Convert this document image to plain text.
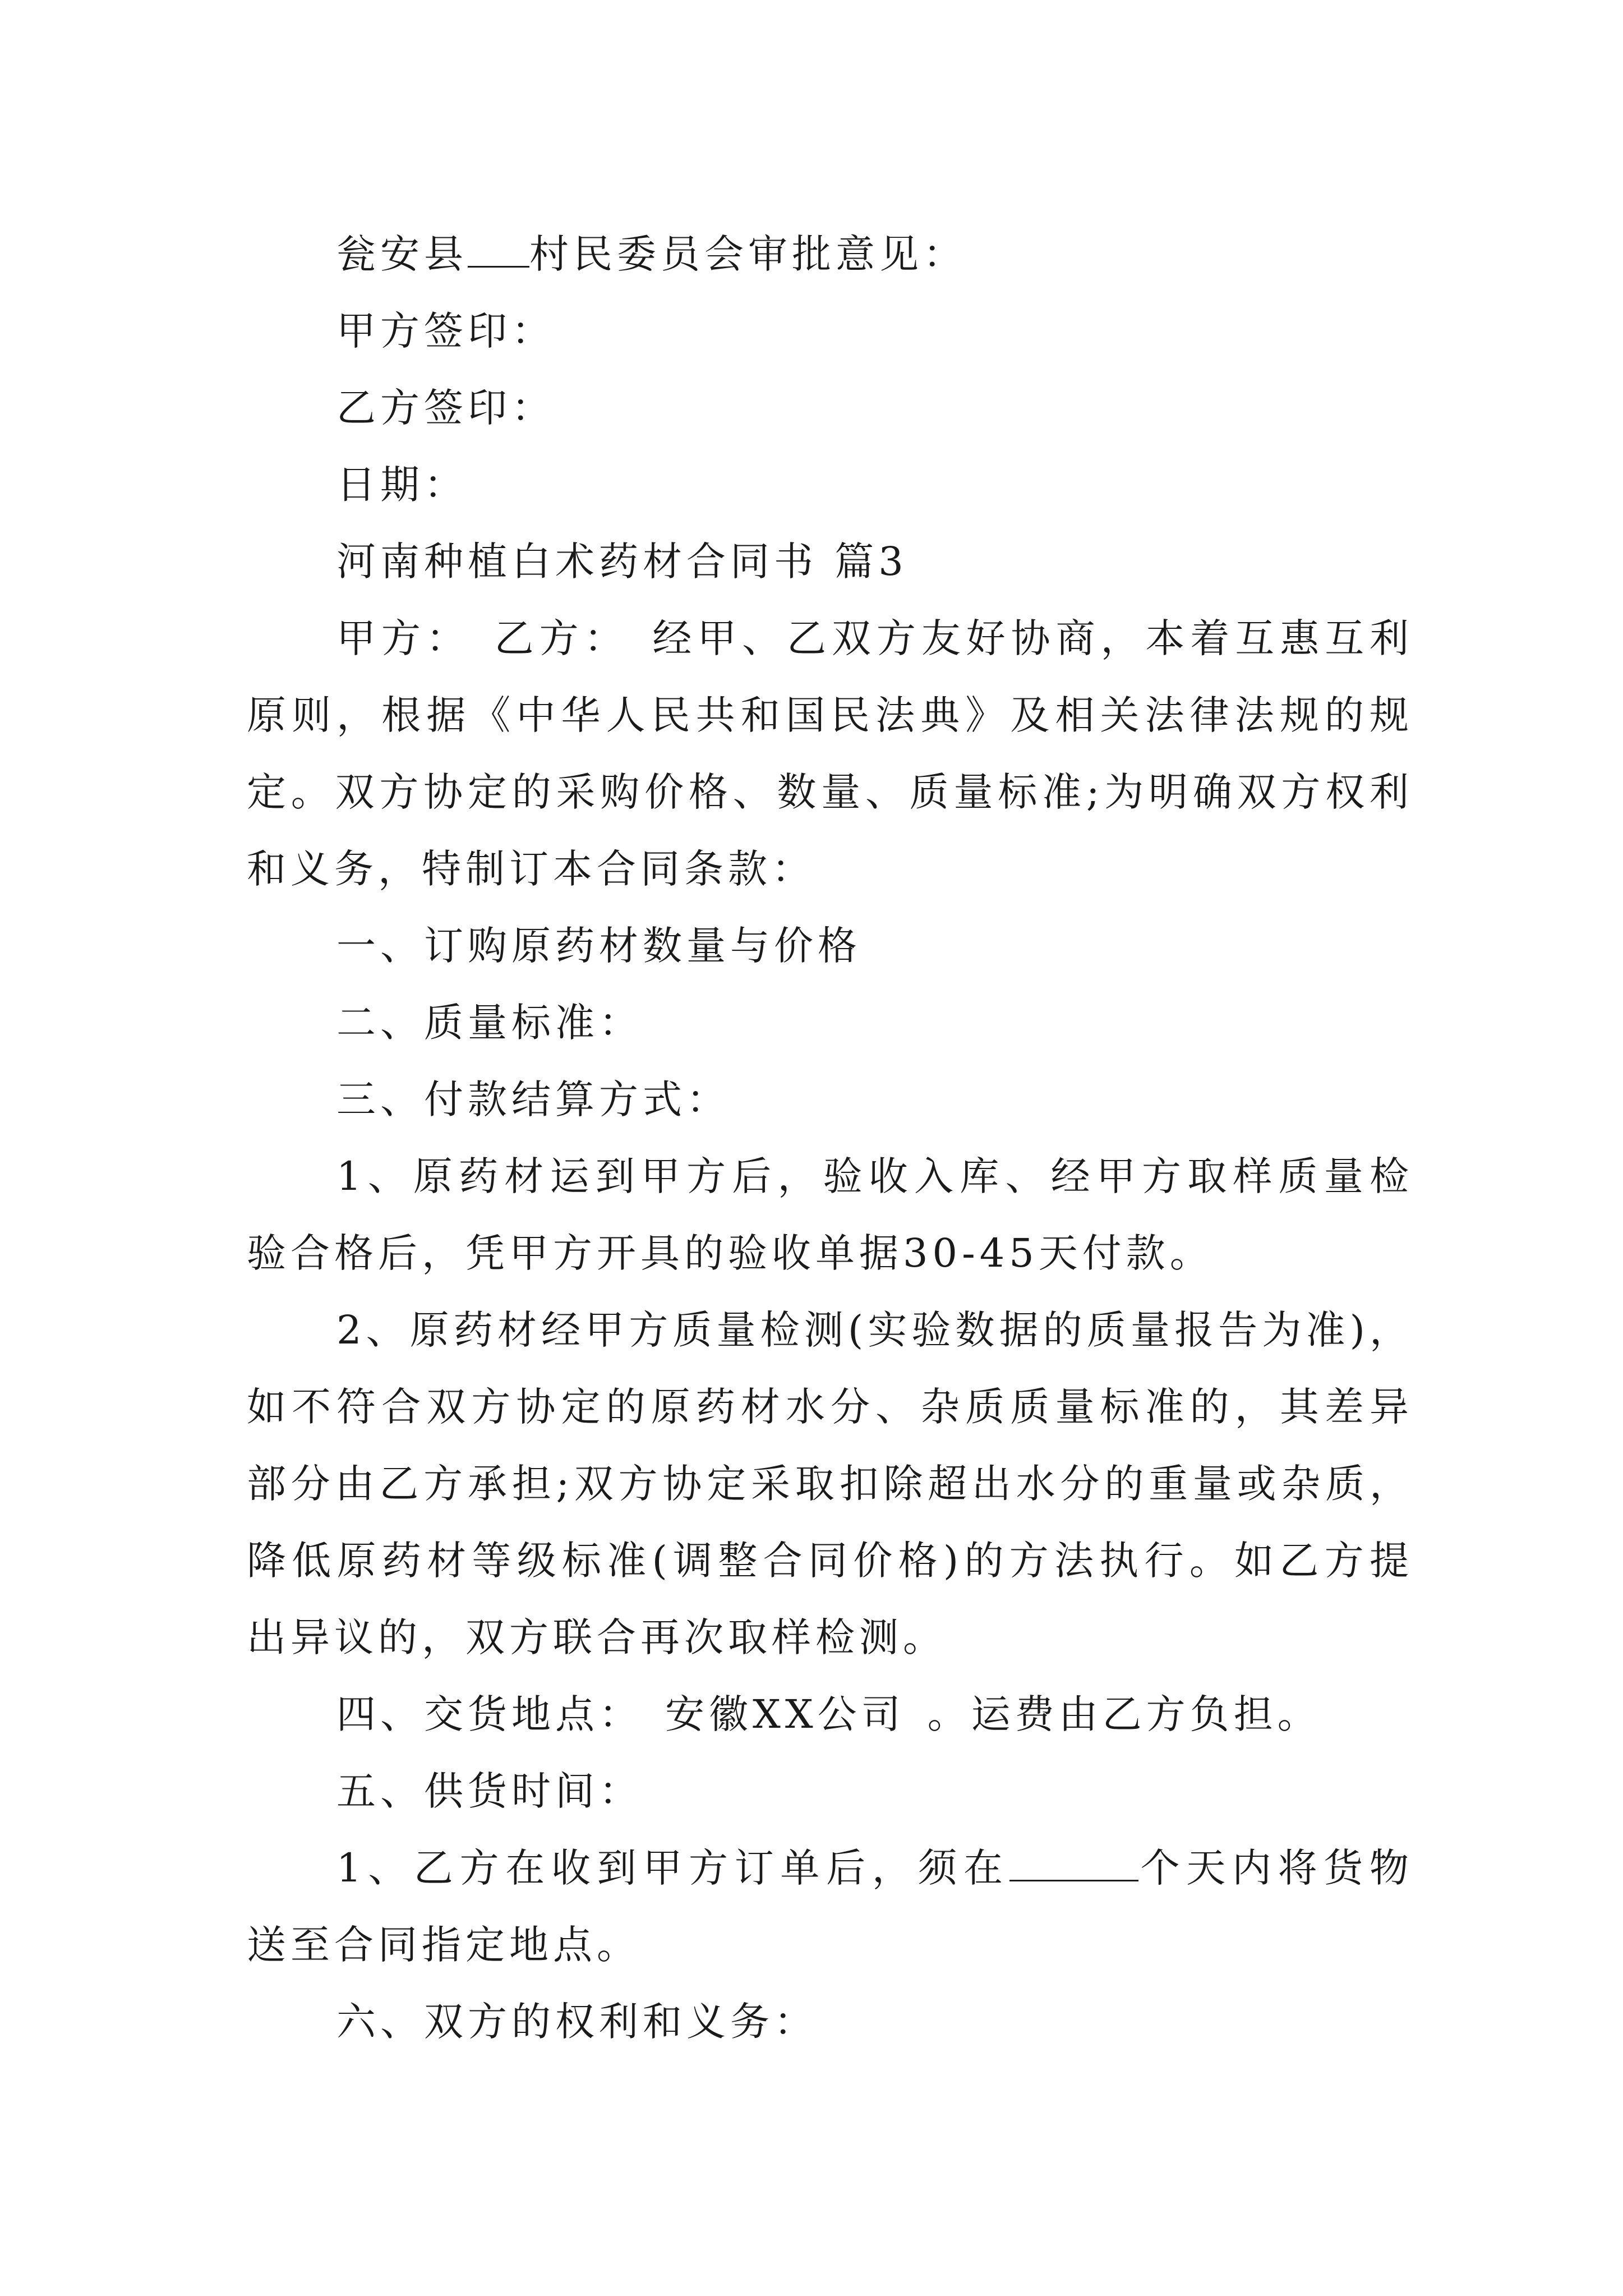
瓮安县 村民委员会审批意见：

甲方签印：

乙方签印：

日期：

河南种植白术药材合同书 篇3

甲方： 乙方： 经甲、乙双方友好协商，本着互惠互利原则，根据《中华人民共和国民法典》及相关法律法规的规定。双方协定的采购价格、数量、质量标准;为明确双方权利和义务，特制订本合同条款：

一、订购原药材数量与价格

二、质量标准：

三、付款结算方式：

1、原药材运到甲方后，验收入库、经甲方取样质量检验合格后，凭甲方开具的验收单据30-45天付款。

2、原药材经甲方质量检测(实验数据的质量报告为准)，如不符合双方协定的原药材水分、杂质质量标准的，其差异部分由乙方承担;双方协定采取扣除超出水分的重量或杂质，降低原药材等级标准(调整合同价格)的方法执行。如乙方提出异议的，双方联合再次取样检测。

四、交货地点： 安徽XX公司 。运费由乙方负担。

五、供货时间：

1、乙方在收到甲方订单后，须在	个天内将货物送至合同指定地点。

六、双方的权利和义务：
